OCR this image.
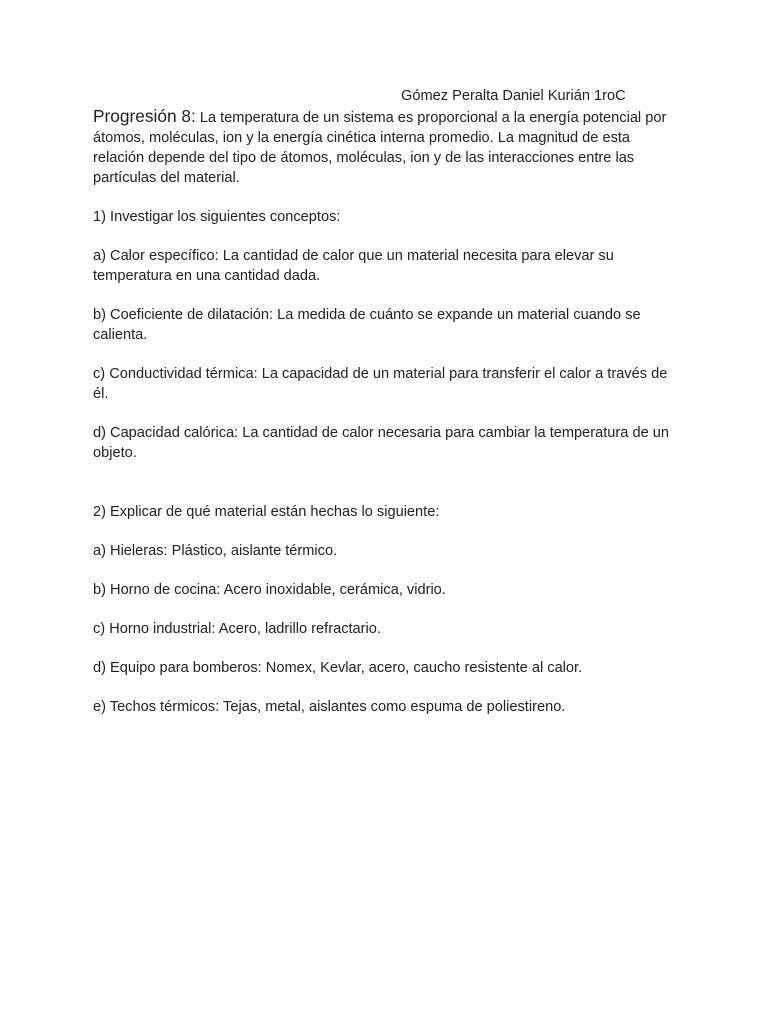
Gómez Peralta Daniel Kurián 1roC

Progresión 8: La temperatura de un sistema es proporcional a la energía potencial por átomos, moléculas, ion y la energía cinética interna promedio. La magnitud de esta relación depende del tipo de átomos, moléculas, ion y de las interacciones entre las partículas del material.

1) Investigar los siguientes conceptos:

a) Calor específico: La cantidad de calor que un material necesita para elevar su temperatura en una cantidad dada.

b) Coeficiente de dilatación: La medida de cuánto se expande un material cuando se calienta.

c) Conductividad térmica: La capacidad de un material para transferir el calor a través de él.

d) Capacidad calórica: La cantidad de calor necesaria para cambiar la temperatura de un objeto.

2) Explicar de qué material están hechas lo siguiente:

a) Hieleras: Plástico, aislante térmico.

b) Horno de cocina: Acero inoxidable, cerámica, vidrio.

c) Horno industrial: Acero, ladrillo refractario.

d) Equipo para bomberos: Nomex, Kevlar, acero, caucho resistente al calor.

e) Techos térmicos: Tejas, metal, aislantes como espuma de poliestireno.
